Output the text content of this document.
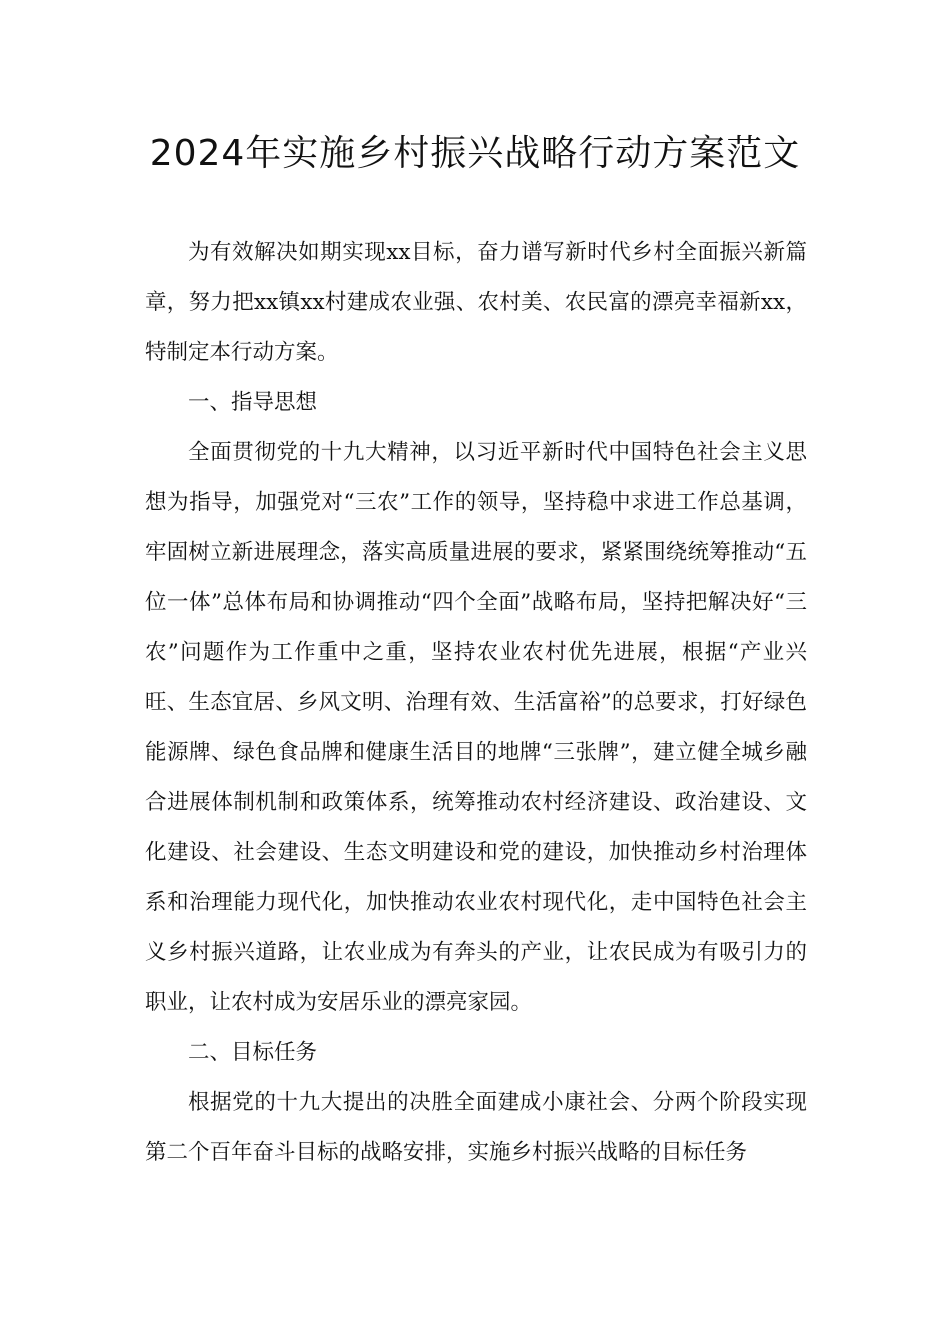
2024年实施乡村振兴战略行动方案范文

为有效解决如期实现xx目标，奋力谱写新时代乡村全面振兴新篇章，努力把xx镇xx村建成农业强、农村美、农民富的漂亮幸福新xx，特制定本行动方案。

一、指导思想

全面贯彻党的十九大精神，以习近平新时代中国特色社会主义思想为指导，加强党对“三农”工作的领导，坚持稳中求进工作总基调，牢固树立新进展理念，落实高质量进展的要求，紧紧围绕统筹推动“五位一体”总体布局和协调推动“四个全面”战略布局，坚持把解决好“三农”问题作为工作重中之重，坚持农业农村优先进展，根据“产业兴旺、生态宜居、乡风文明、治理有效、生活富裕”的总要求，打好绿色能源牌、绿色食品牌和健康生活目的地牌“三张牌”，建立健全城乡融合进展体制机制和政策体系，统筹推动农村经济建设、政治建设、文化建设、社会建设、生态文明建设和党的建设，加快推动乡村治理体系和治理能力现代化，加快推动农业农村现代化，走中国特色社会主义乡村振兴道路，让农业成为有奔头的产业，让农民成为有吸引力的职业，让农村成为安居乐业的漂亮家园。

二、目标任务

根据党的十九大提出的决胜全面建成小康社会、分两个阶段实现第二个百年奋斗目标的战略安排，实施乡村振兴战略的目标任务
